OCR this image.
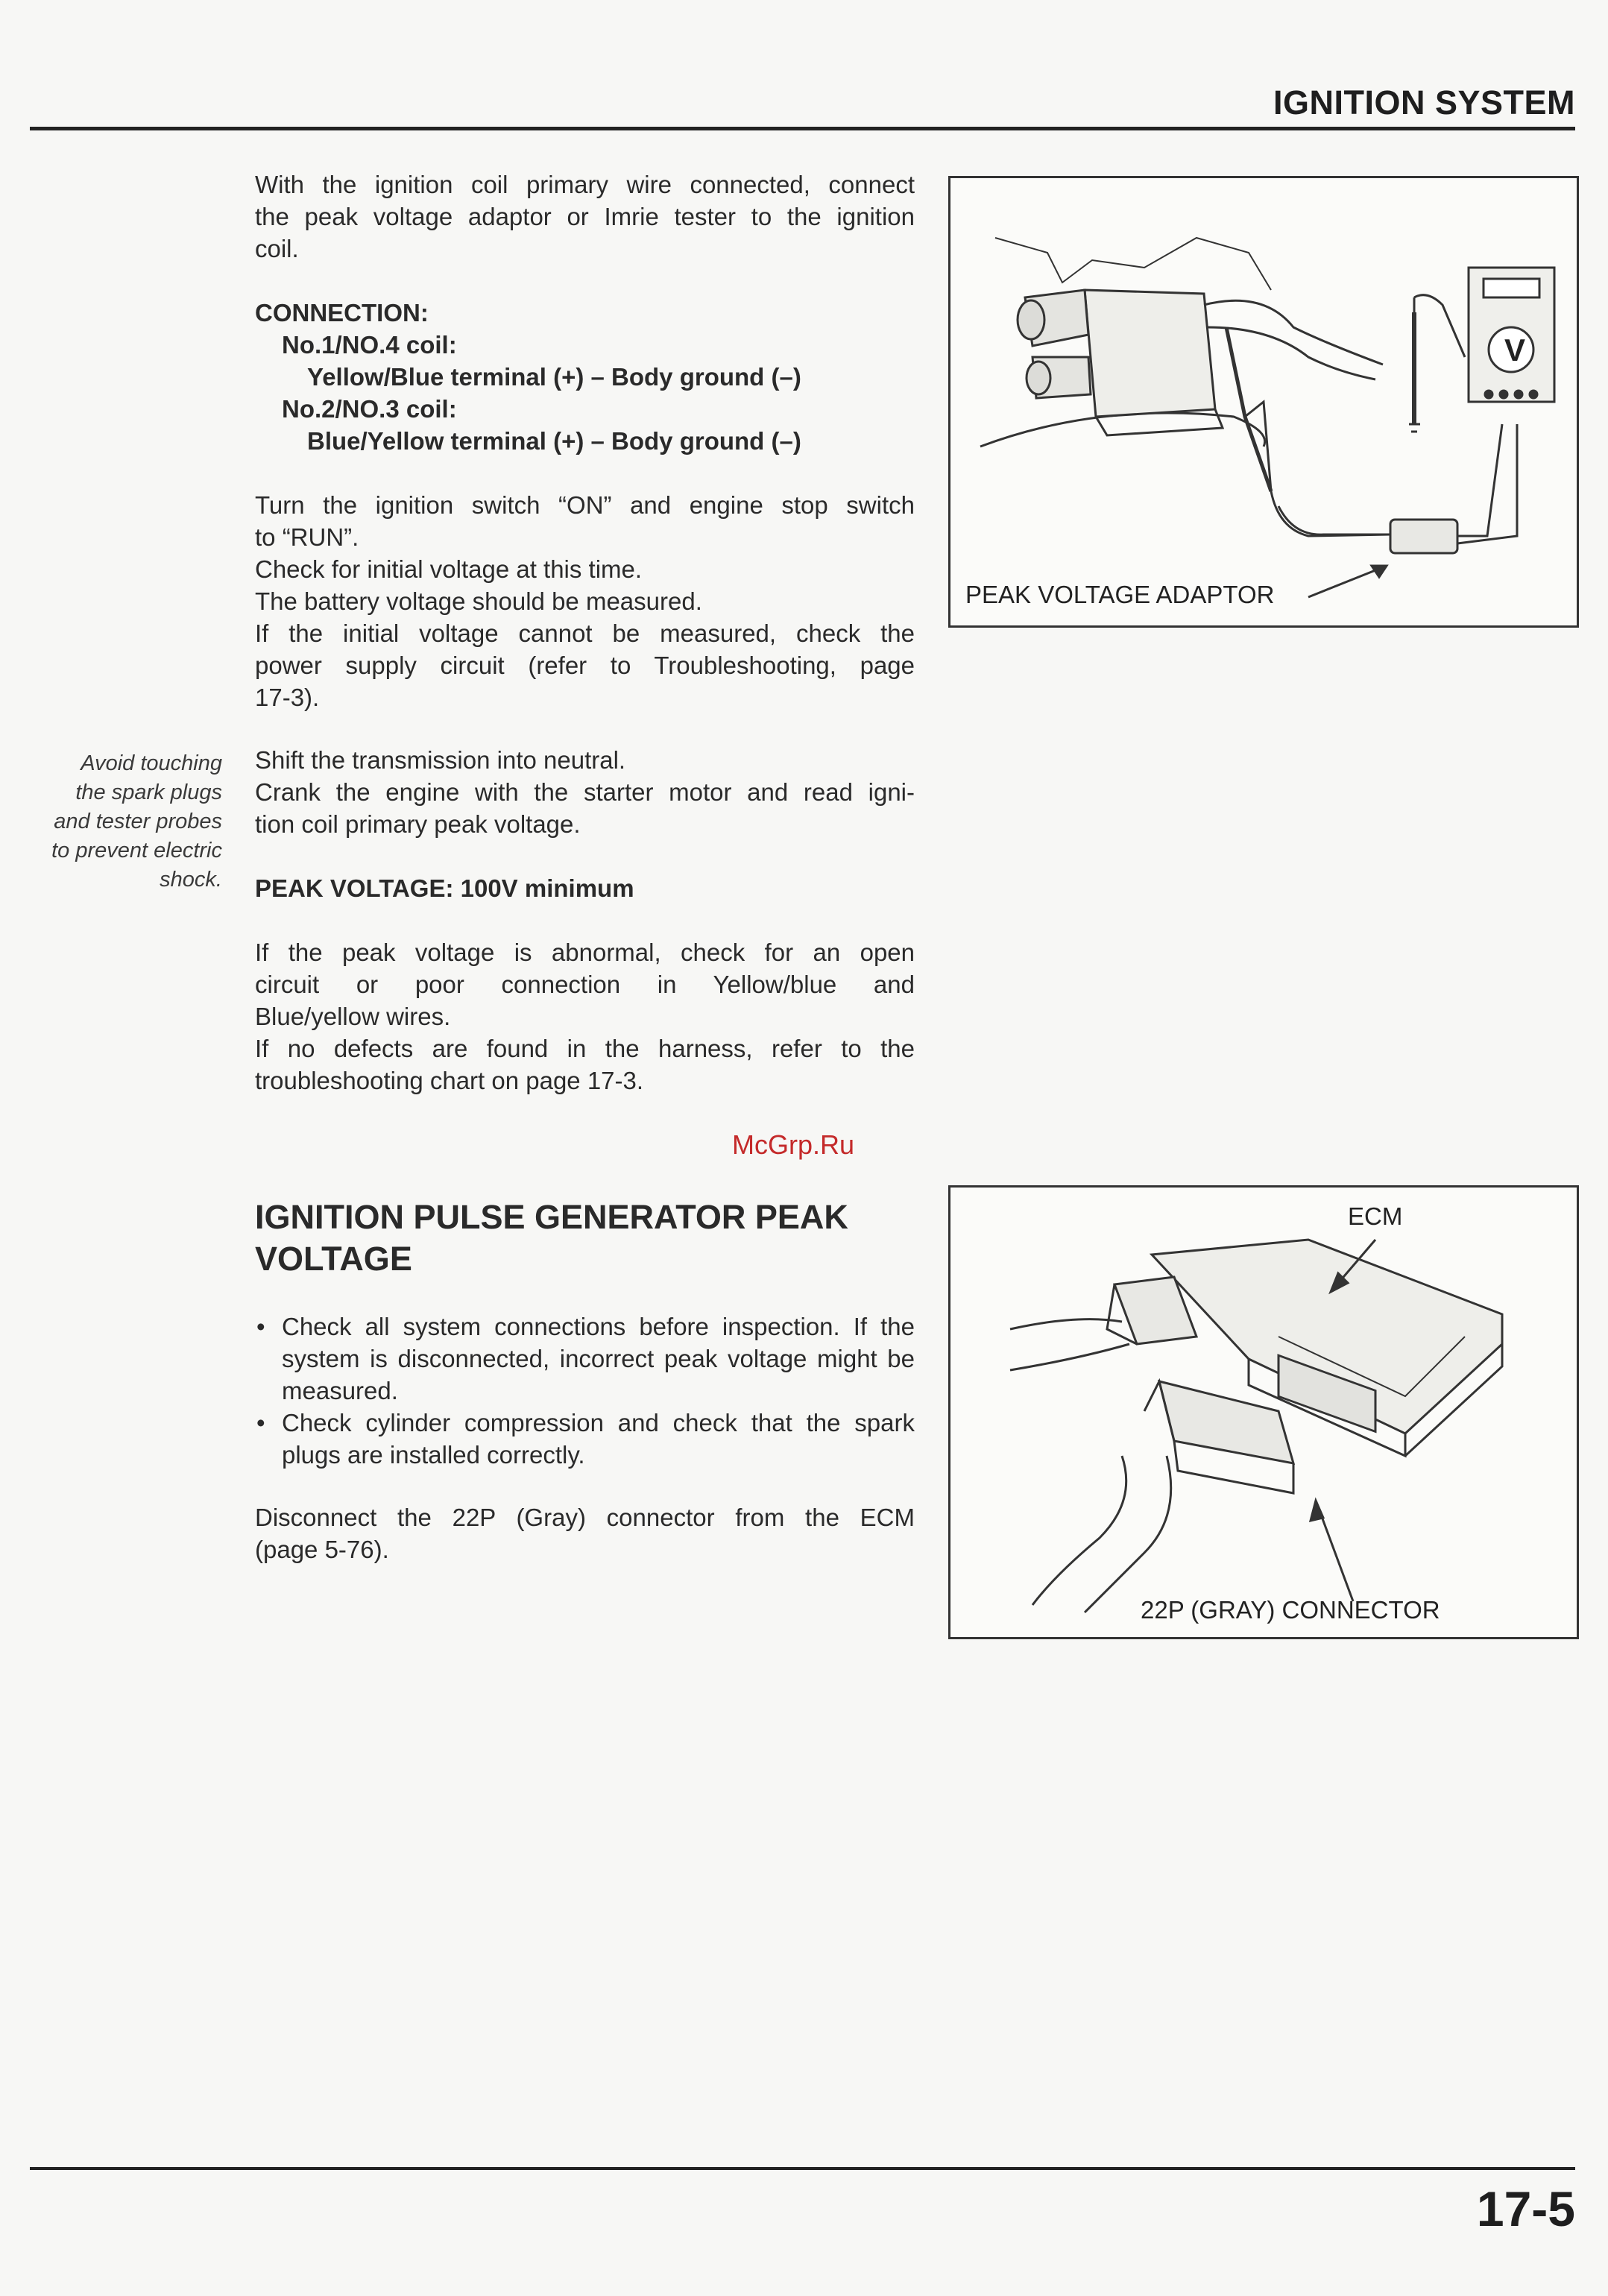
IGNITION SYSTEM
With the ignition coil primary wire connected, connect
the peak voltage adaptor or Imrie tester to the ignition
coil.
CONNECTION:
No.1/NO.4 coil:
Yellow/Blue terminal (+) – Body ground (–)
No.2/NO.3 coil:
Blue/Yellow terminal (+) – Body ground (–)
Turn the ignition switch “ON” and engine stop switch
to “RUN”.
Check for initial voltage at this time.
The battery voltage should be measured.
If the initial voltage cannot be measured, check the
power supply circuit (refer to Troubleshooting, page
17-3).
Avoid touching
the spark plugs
and tester probes
to prevent electric
shock.
Shift the transmission into neutral.
Crank the engine with the starter motor and read igni-
tion coil primary peak voltage.
PEAK VOLTAGE: 100V minimum
If the peak voltage is abnormal, check for an open
circuit or poor connection in Yellow/blue and
Blue/yellow wires.
If no defects are found in the harness, refer to the
troubleshooting chart on page 17-3.
McGrp.Ru
IGNITION PULSE GENERATOR PEAK
VOLTAGE
• Check all system connections before inspection. If the system is disconnected, incorrect peak voltage might be measured.
• Check cylinder compression and check that the spark plugs are installed correctly.
Disconnect the 22P (Gray) connector from the ECM
(page 5-76).
V
PEAK VOLTAGE ADAPTOR
ECM
22P (GRAY) CONNECTOR
17-5
